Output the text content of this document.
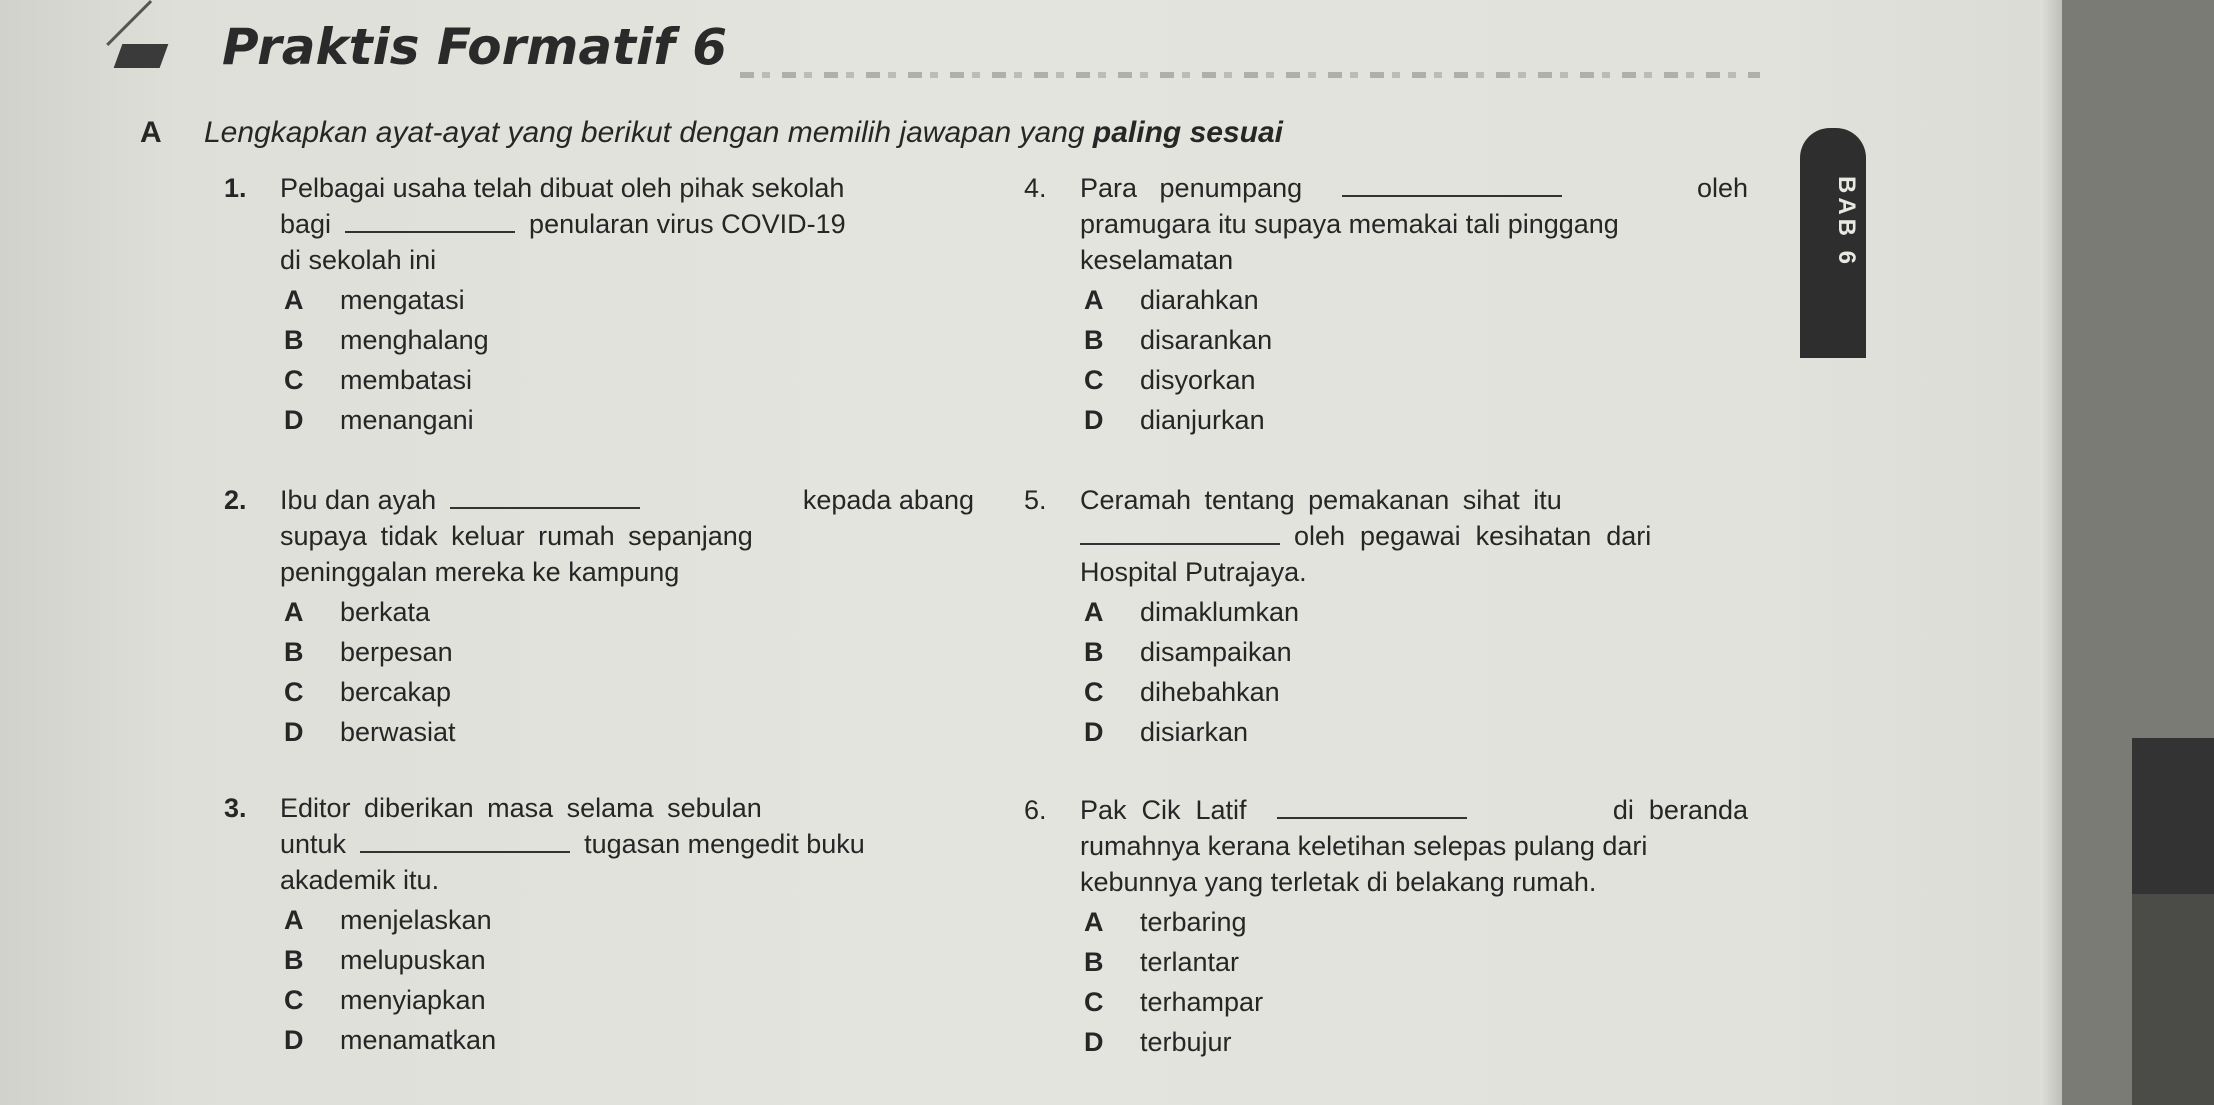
Praktis Formatif 6

A Lengkapkan ayat-ayat yang berikut dengan memilih jawapan yang paling sesuai

1.	Pelbagai usaha telah dibuat oleh pihak sekolah
bagi	penularan virus COVID-19
di sekolah ini
A	mengatasi
B	menghalang
C	membatasi
D	menangani
2. Ibu dan ayah	kepada abang
supaya tidak keluar rumah sepanjang
peninggalan mereka ke kampung
A	berkata
B	berpesan
C	bercakap
D	berwasiat
3.	Editor diberikan masa selama sebulan
untuk	tugasan mengedit buku
akademik itu.
A	menjelaskan
B	melupuskan
C	menyiapkan
D	menamatkan
4. Para   penumpang	oleh
pramugara itu supaya memakai tali pinggang
keselamatan
A	diarahkan
B	disarankan
C	disyorkan
D	dianjurkan
5.	Ceramah tentang pemakanan sihat itu
oleh  pegawai  kesihatan  dari
Hospital Putrajaya.
A	dimaklumkan
B	disampaikan
C	dihebahkan
D	disiarkan
6. Pak  Cik  Latif	di  beranda
rumahnya kerana keletihan selepas pulang dari
kebunnya yang terletak di belakang rumah.
A	terbaring
B	terlantar
C	terhampar
D	terbujur
BAB 6
